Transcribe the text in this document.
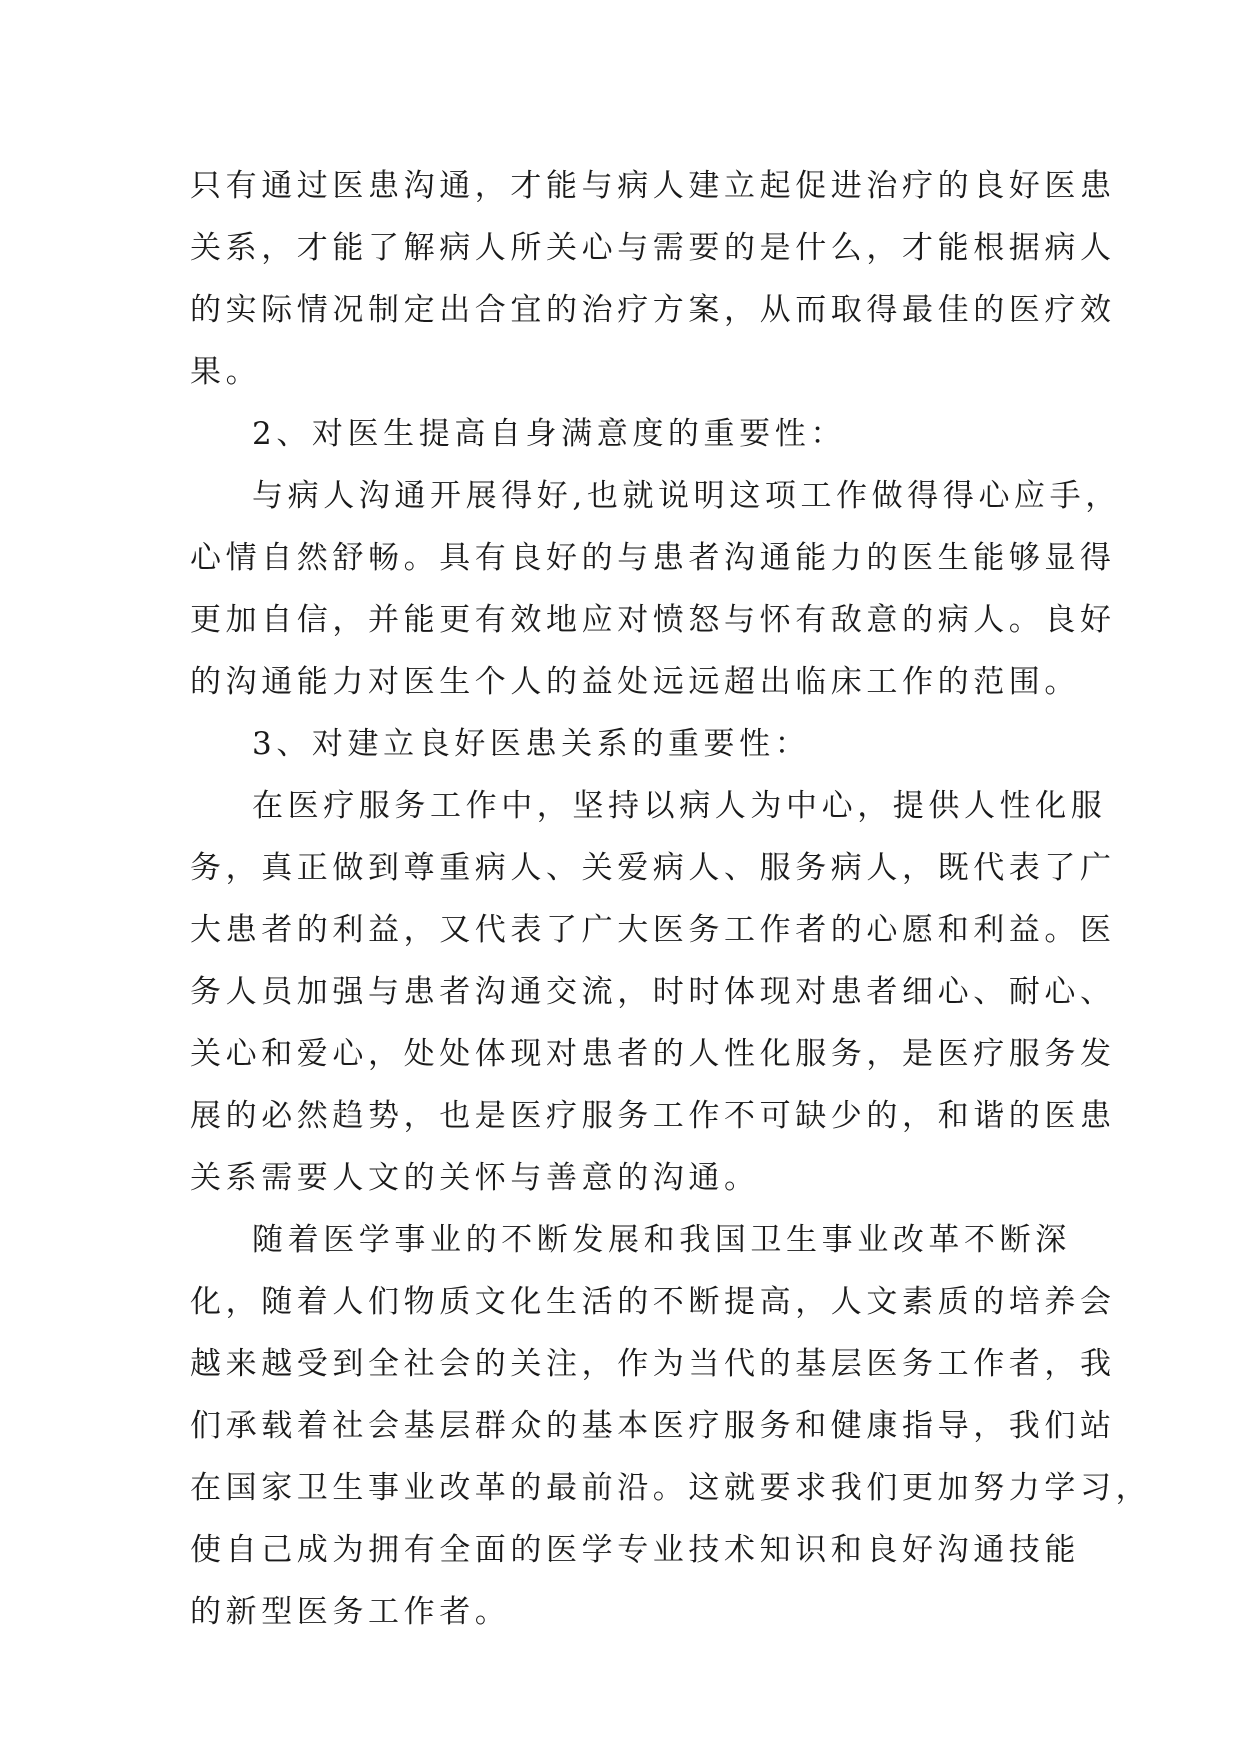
只有通过医患沟通，才能与病人建立起促进治疗的良好医患
关系，才能了解病人所关心与需要的是什么，才能根据病人
的实际情况制定出合宜的治疗方案，从而取得最佳的医疗效
果。
2、对医生提高自身满意度的重要性：
与病人沟通开展得好,也就说明这项工作做得得心应手，
心情自然舒畅。具有良好的与患者沟通能力的医生能够显得
更加自信，并能更有效地应对愤怒与怀有敌意的病人。良好
的沟通能力对医生个人的益处远远超出临床工作的范围。
3、对建立良好医患关系的重要性：
在医疗服务工作中，坚持以病人为中心，提供人性化服
务，真正做到尊重病人、关爱病人、服务病人，既代表了广
大患者的利益，又代表了广大医务工作者的心愿和利益。医
务人员加强与患者沟通交流，时时体现对患者细心、耐心、
关心和爱心，处处体现对患者的人性化服务，是医疗服务发
展的必然趋势，也是医疗服务工作不可缺少的，和谐的医患
关系需要人文的关怀与善意的沟通。
随着医学事业的不断发展和我国卫生事业改革不断深
化，随着人们物质文化生活的不断提高，人文素质的培养会
越来越受到全社会的关注，作为当代的基层医务工作者，我
们承载着社会基层群众的基本医疗服务和健康指导，我们站
在国家卫生事业改革的最前沿。这就要求我们更加努力学习，
使自己成为拥有全面的医学专业技术知识和良好沟通技能
的新型医务工作者。
